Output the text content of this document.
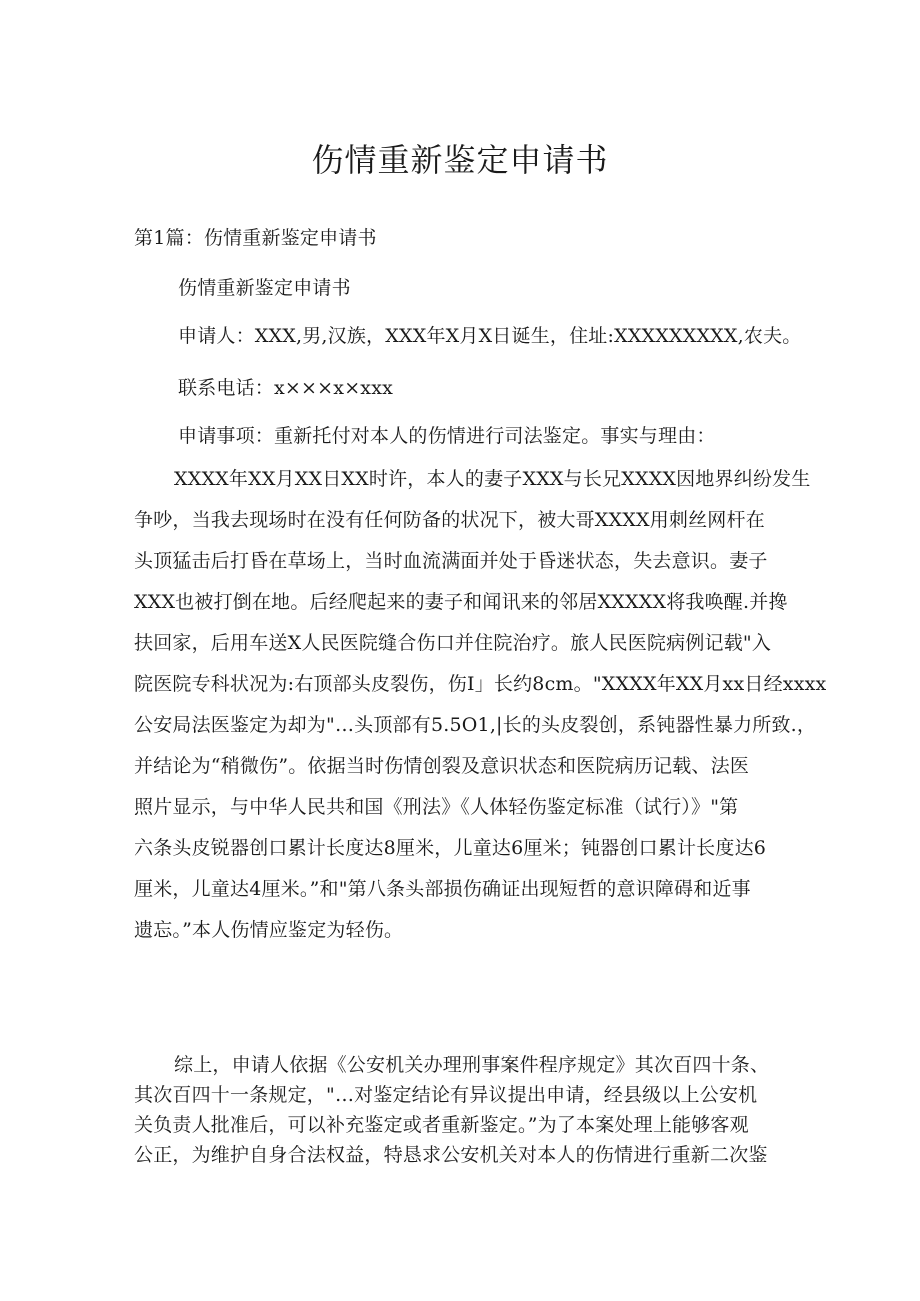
伤情重新鉴定申请书
第1篇：伤情重新鉴定申请书
伤情重新鉴定申请书
申请人：XXX,男,汉族，XXX年X月X日诞生，住址:XXXXXXXXX,农夫。
联系电话：x×××x×xxx
申请事项：重新托付对本人的伤情进行司法鉴定。事实与理由：
XXXX年XX月XX日XX时许，本人的妻子XXX与长兄XXXX因地界纠纷发生
争吵，当我去现场时在没有任何防备的状况下，被大哥XXXX用刺丝网杆在
头顶猛击后打昏在草场上，当时血流满面并处于昏迷状态，失去意识。妻子
XXX也被打倒在地。后经爬起来的妻子和闻讯来的邻居XXXXX将我唤醒.并搀
扶回家，后用车送X人民医院缝合伤口并住院治疗。旅人民医院病例记载"入
院医院专科状况为:右顶部头皮裂伤，伤I」长约8cm。"XXXX年XX月xx日经xxxx
公安局法医鉴定为却为"…头顶部有5.5O1,|长的头皮裂创，系钝器性暴力所致.，
并结论为“稍微伤”。依据当时伤情创裂及意识状态和医院病历记载、法医
照片显示，与中华人民共和国《刑法》《人体轻伤鉴定标准（试行）》"第
六条头皮锐器创口累计长度达8厘米，儿童达6厘米；钝器创口累计长度达6
厘米，儿童达4厘米。”和"第八条头部损伤确证出现短哲的意识障碍和近事
遗忘。”本人伤情应鉴定为轻伤。
综上，申请人依据《公安机关办理刑事案件程序规定》其次百四十条、
其次百四十一条规定，"…对鉴定结论有异议提出申请，经县级以上公安机
关负责人批准后，可以补充鉴定或者重新鉴定。”为了本案处理上能够客观
公正，为维护自身合法权益，特恳求公安机关对本人的伤情进行重新二次鉴
